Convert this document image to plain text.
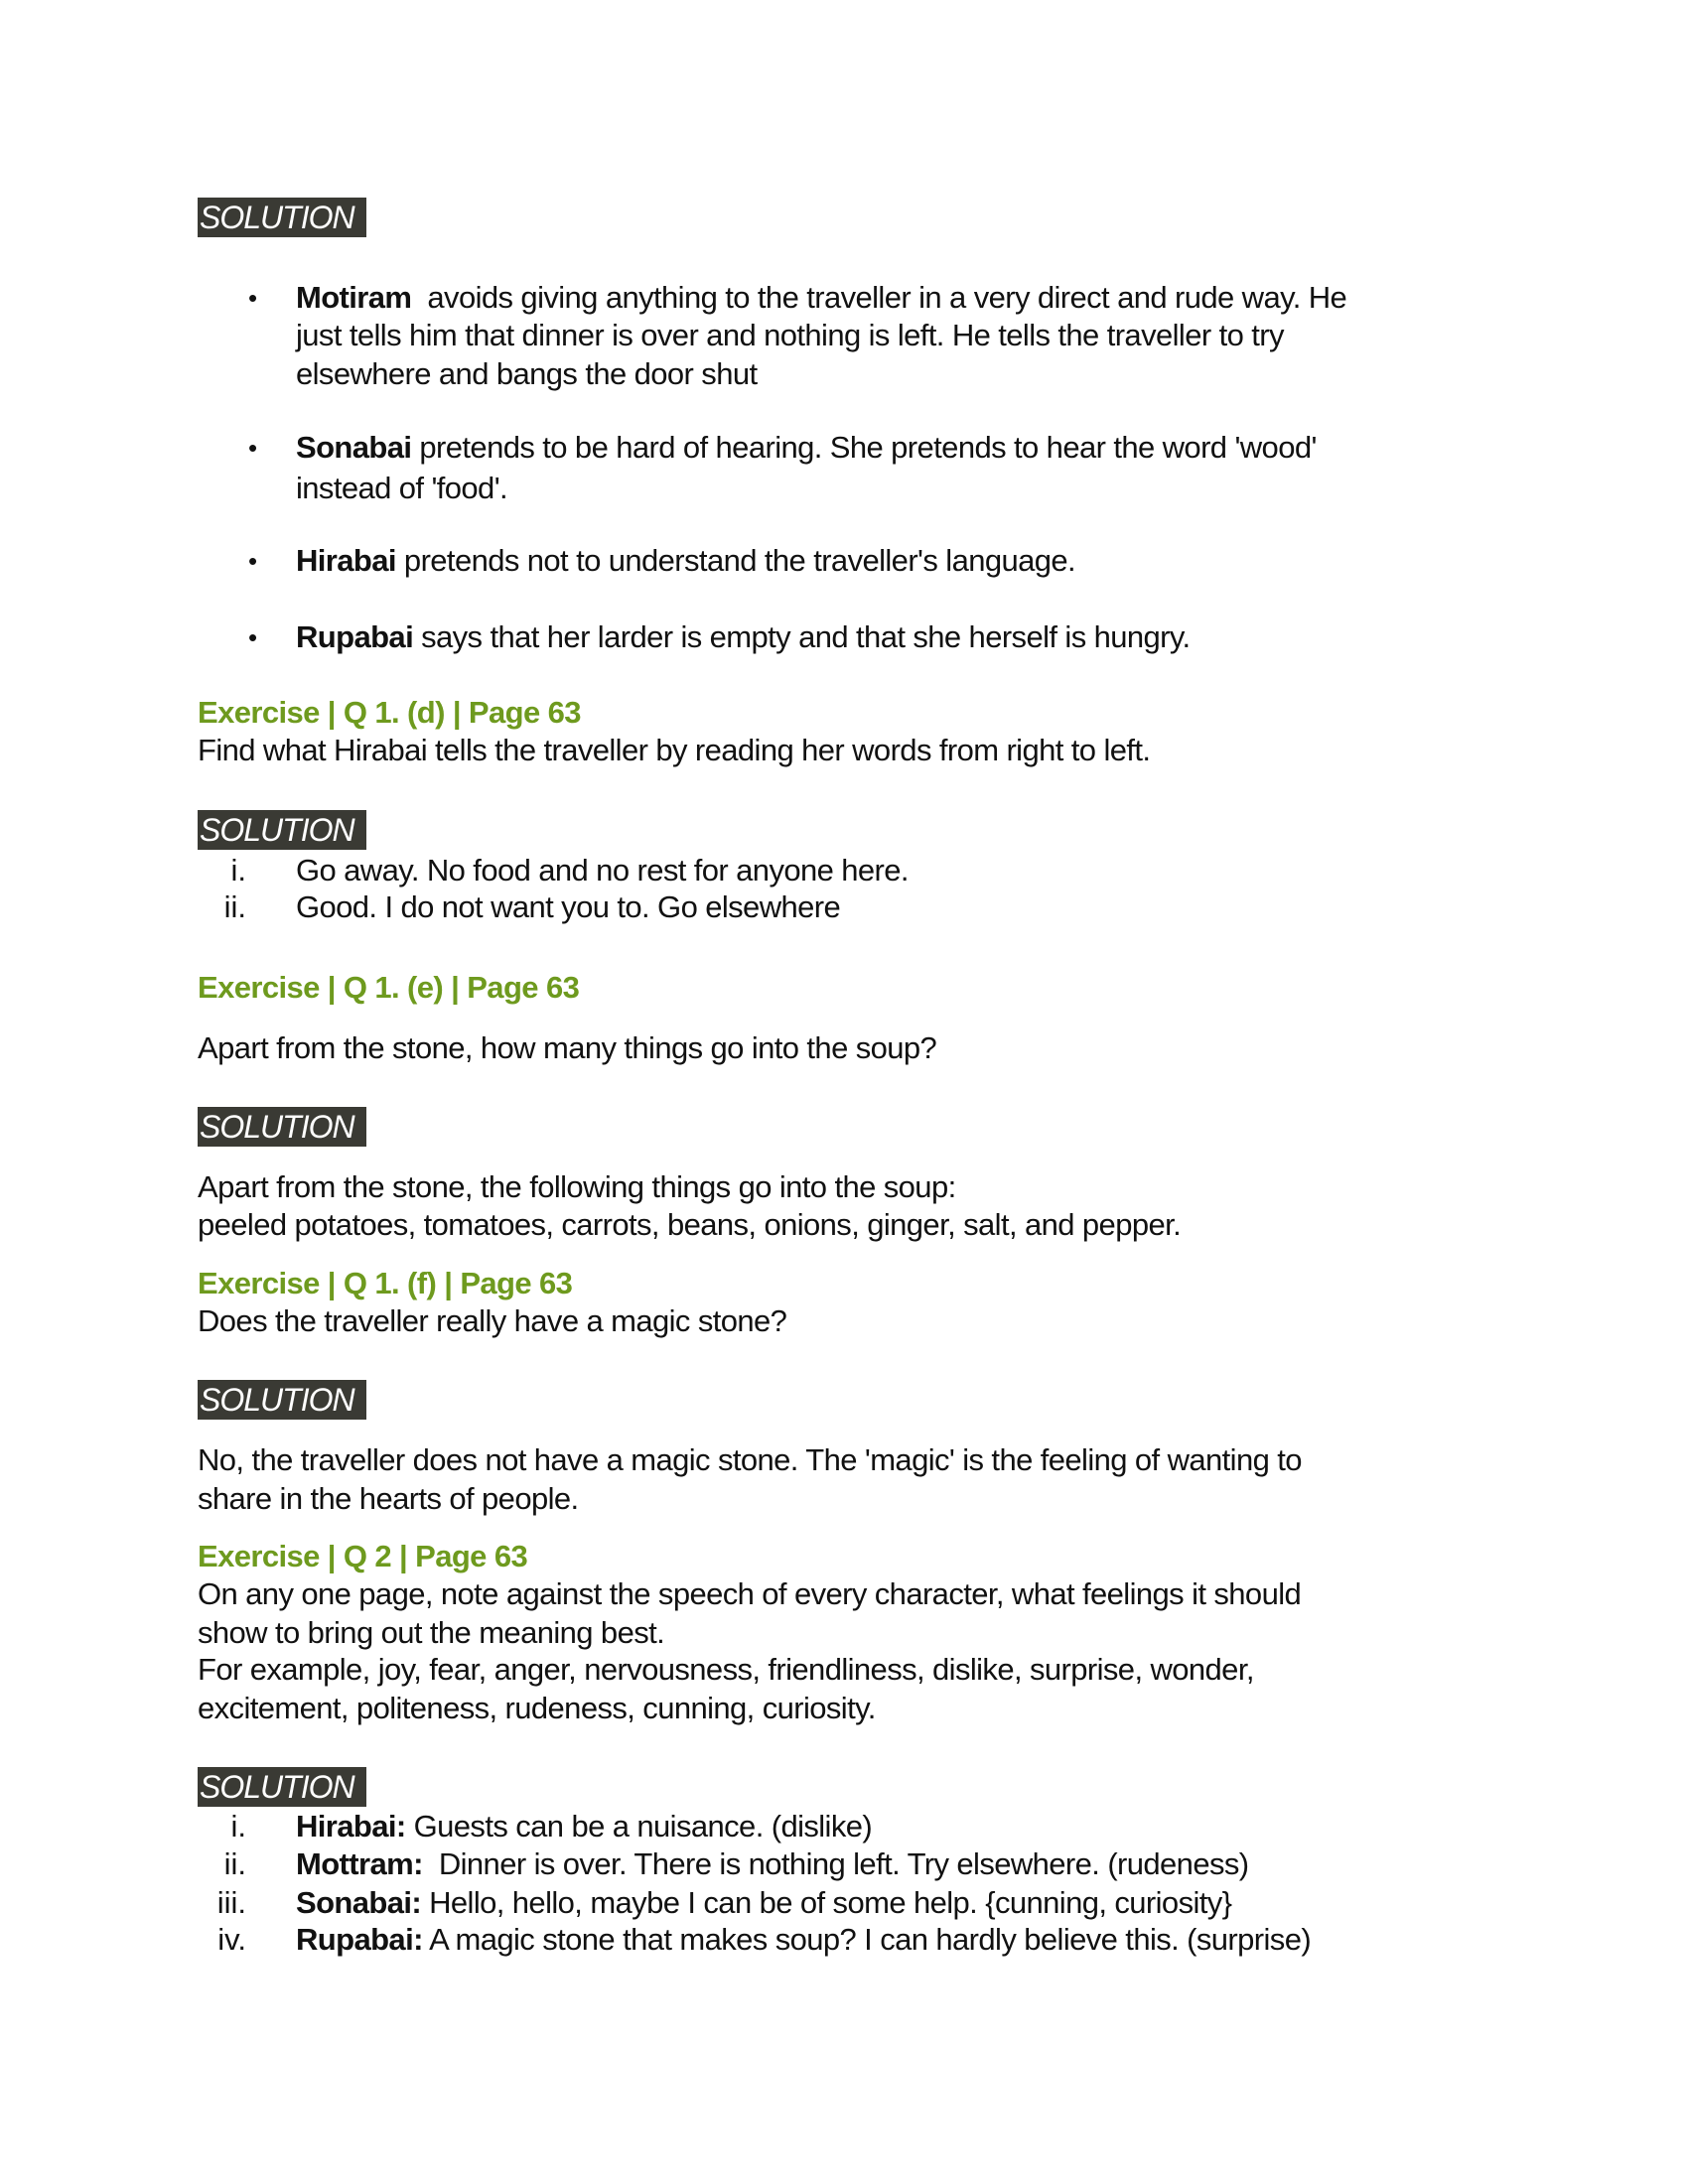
SOLUTION
• Motiram avoids giving anything to the traveller in a very direct and rude way. He
just tells him that dinner is over and nothing is left. He tells the traveller to try
elsewhere and bangs the door shut
• Sonabai pretends to be hard of hearing. She pretends to hear the word 'wood'
instead of 'food'.
• Hirabai pretends not to understand the traveller's language.
• Rupabai says that her larder is empty and that she herself is hungry.
Exercise | Q 1. (d) | Page 63
Find what Hirabai tells the traveller by reading her words from right to left.
SOLUTION
i. Go away. No food and no rest for anyone here.
ii. Good. I do not want you to. Go elsewhere
Exercise | Q 1. (e) | Page 63
Apart from the stone, how many things go into the soup?
SOLUTION
Apart from the stone, the following things go into the soup:
peeled potatoes, tomatoes, carrots, beans, onions, ginger, salt, and pepper.
Exercise | Q 1. (f) | Page 63
Does the traveller really have a magic stone?
SOLUTION
No, the traveller does not have a magic stone. The 'magic' is the feeling of wanting to
share in the hearts of people.
Exercise | Q 2 | Page 63
On any one page, note against the speech of every character, what feelings it should
show to bring out the meaning best.
For example, joy, fear, anger, nervousness, friendliness, dislike, surprise, wonder,
excitement, politeness, rudeness, cunning, curiosity.
SOLUTION
i. Hirabai: Guests can be a nuisance. (dislike)
ii. Mottram: Dinner is over. There is nothing left. Try elsewhere. (rudeness)
iii. Sonabai: Hello, hello, maybe I can be of some help. {cunning, curiosity}
iv. Rupabai: A magic stone that makes soup? I can hardly believe this. (surprise)
